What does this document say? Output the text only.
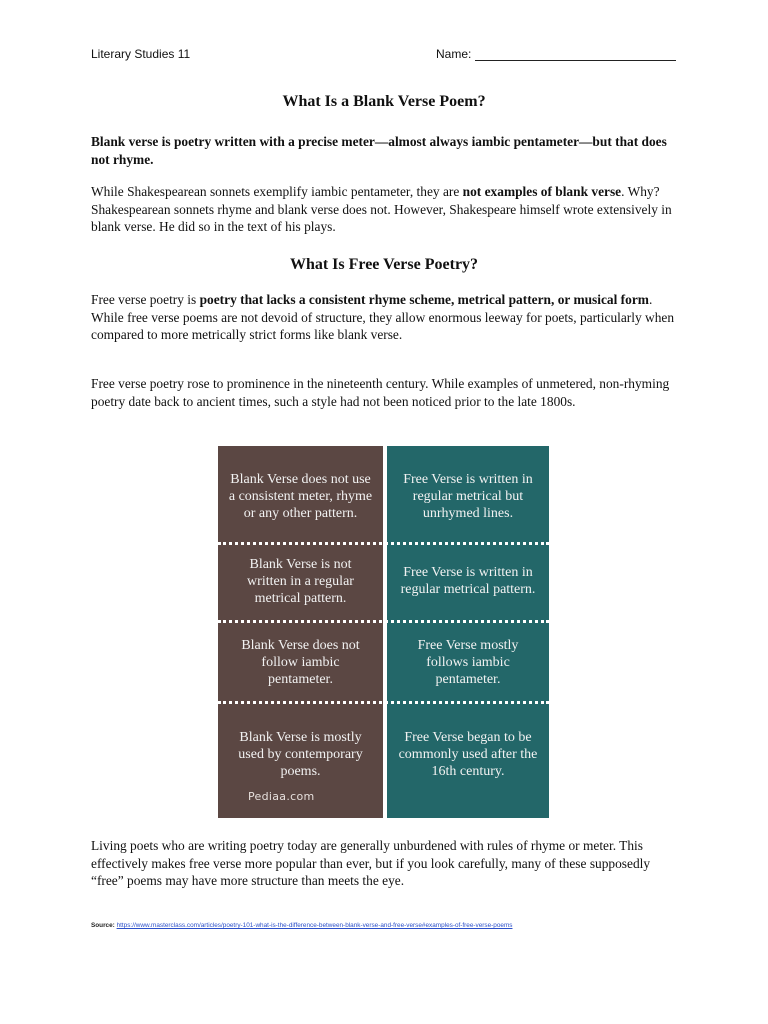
Literary Studies 11	Name:
What Is a Blank Verse Poem?

Blank verse is poetry written with a precise meter—almost always iambic pentameter—but that does not rhyme.

While Shakespearean sonnets exemplify iambic pentameter, they are not examples of blank verse. Why? Shakespearean sonnets rhyme and blank verse does not. However, Shakespeare himself wrote extensively in blank verse. He did so in the text of his plays.

What Is Free Verse Poetry?

Free verse poetry is poetry that lacks a consistent rhyme scheme, metrical pattern, or musical form. While free verse poems are not devoid of structure, they allow enormous leeway for poets, particularly when compared to more metrically strict forms like blank verse.

Free verse poetry rose to prominence in the nineteenth century. While examples of unmetered, non-rhyming poetry date back to ancient times, such a style had not been noticed prior to the late 1800s.

Blank Verse does not use a consistent meter, rhyme or any other pattern.
Blank Verse is not written in a regular metrical pattern.
Blank Verse does not follow iambic pentameter.
Blank Verse is mostly used by contemporary poems.
Pediaa.com
Free Verse is written in regular metrical but unrhymed lines.
Free Verse is written in regular metrical pattern.
Free Verse mostly follows iambic pentameter.
Free Verse began to be commonly used after the 16th century.

Living poets who are writing poetry today are generally unburdened with rules of rhyme or meter. This effectively makes free verse more popular than ever, but if you look carefully, many of these supposedly “free” poems may have more structure than meets the eye.

Source: https://www.masterclass.com/articles/poetry-101-what-is-the-difference-between-blank-verse-and-free-verse#examples-of-free-verse-poems
